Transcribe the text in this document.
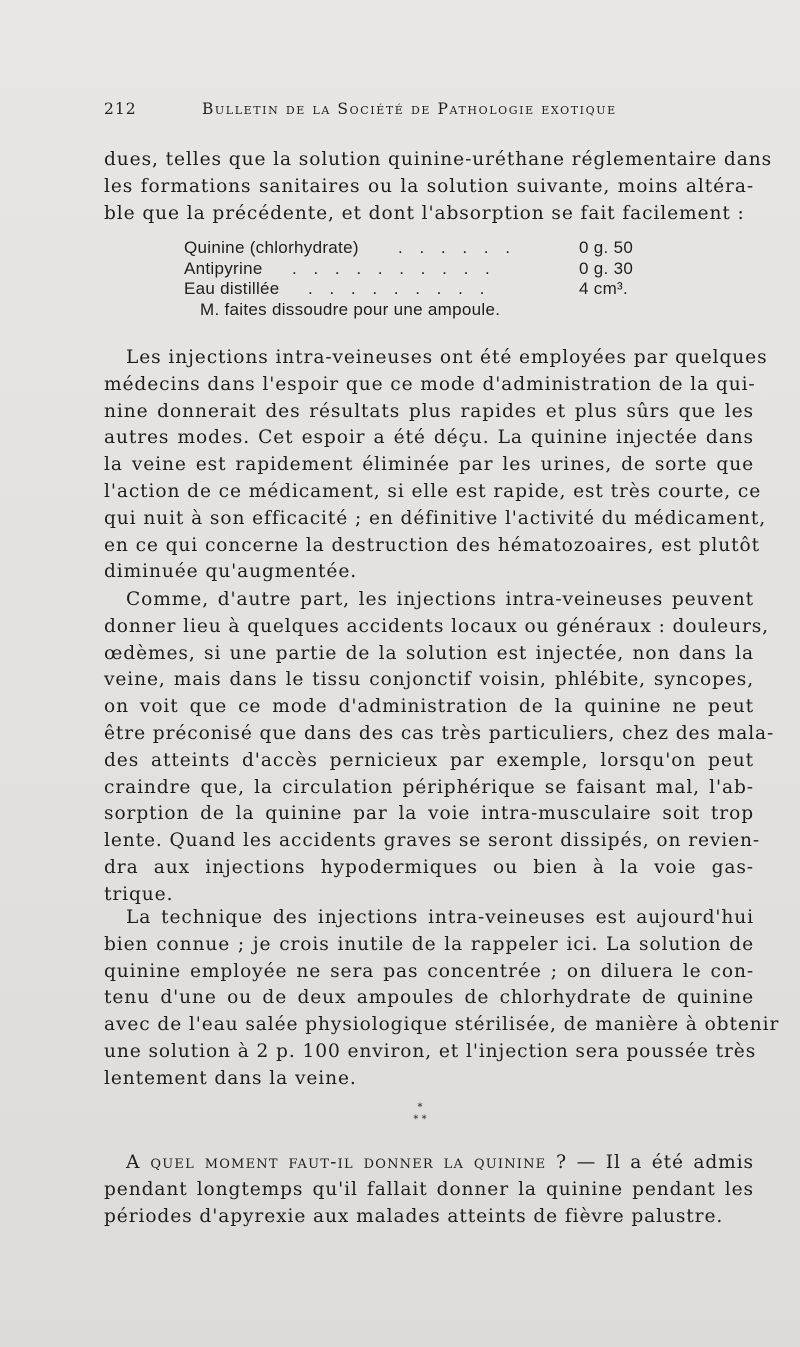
212	Bulletin de la Société de Pathologie exotique
dues, telles que la solution quinine-uréthane réglementaire dans
les formations sanitaires ou la solution suivante, moins altéra-
ble que la précédente, et dont l'absorption se fait facilement :
Quinine (chlorhydrate) . . . . . .	0 g. 50
Antipyrine . . . . . . . . . .	0 g. 30
Eau distillée . . . . . . . . .	4 cm³.
M. faites dissoudre pour une ampoule.
Les injections intra-veineuses ont été employées par quelques
médecins dans l'espoir que ce mode d'administration de la qui-
nine donnerait des résultats plus rapides et plus sûrs que les
autres modes. Cet espoir a été déçu. La quinine injectée dans
la veine est rapidement éliminée par les urines, de sorte que
l'action de ce médicament, si elle est rapide, est très courte, ce
qui nuit à son efficacité ; en définitive l'activité du médicament,
en ce qui concerne la destruction des hématozoaires, est plutôt
diminuée qu'augmentée.
Comme, d'autre part, les injections intra-veineuses peuvent
donner lieu à quelques accidents locaux ou généraux : douleurs,
œdèmes, si une partie de la solution est injectée, non dans la
veine, mais dans le tissu conjonctif voisin, phlébite, syncopes,
on voit que ce mode d'administration de la quinine ne peut
être préconisé que dans des cas très particuliers, chez des mala-
des atteints d'accès pernicieux par exemple, lorsqu'on peut
craindre que, la circulation périphérique se faisant mal, l'ab-
sorption de la quinine par la voie intra-musculaire soit trop
lente. Quand les accidents graves se seront dissipés, on revien-
dra aux injections hypodermiques ou bien à la voie gas-
trique.
La technique des injections intra-veineuses est aujourd'hui
bien connue ; je crois inutile de la rappeler ici. La solution de
quinine employée ne sera pas concentrée ; on diluera le con-
tenu d'une ou de deux ampoules de chlorhydrate de quinine
avec de l'eau salée physiologique stérilisée, de manière à obtenir
une solution à 2 p. 100 environ, et l'injection sera poussée très
lentement dans la veine.
*
* *
A quel moment faut-il donner la quinine ? — Il a été admis
pendant longtemps qu'il fallait donner la quinine pendant les
périodes d'apyrexie aux malades atteints de fièvre palustre.
